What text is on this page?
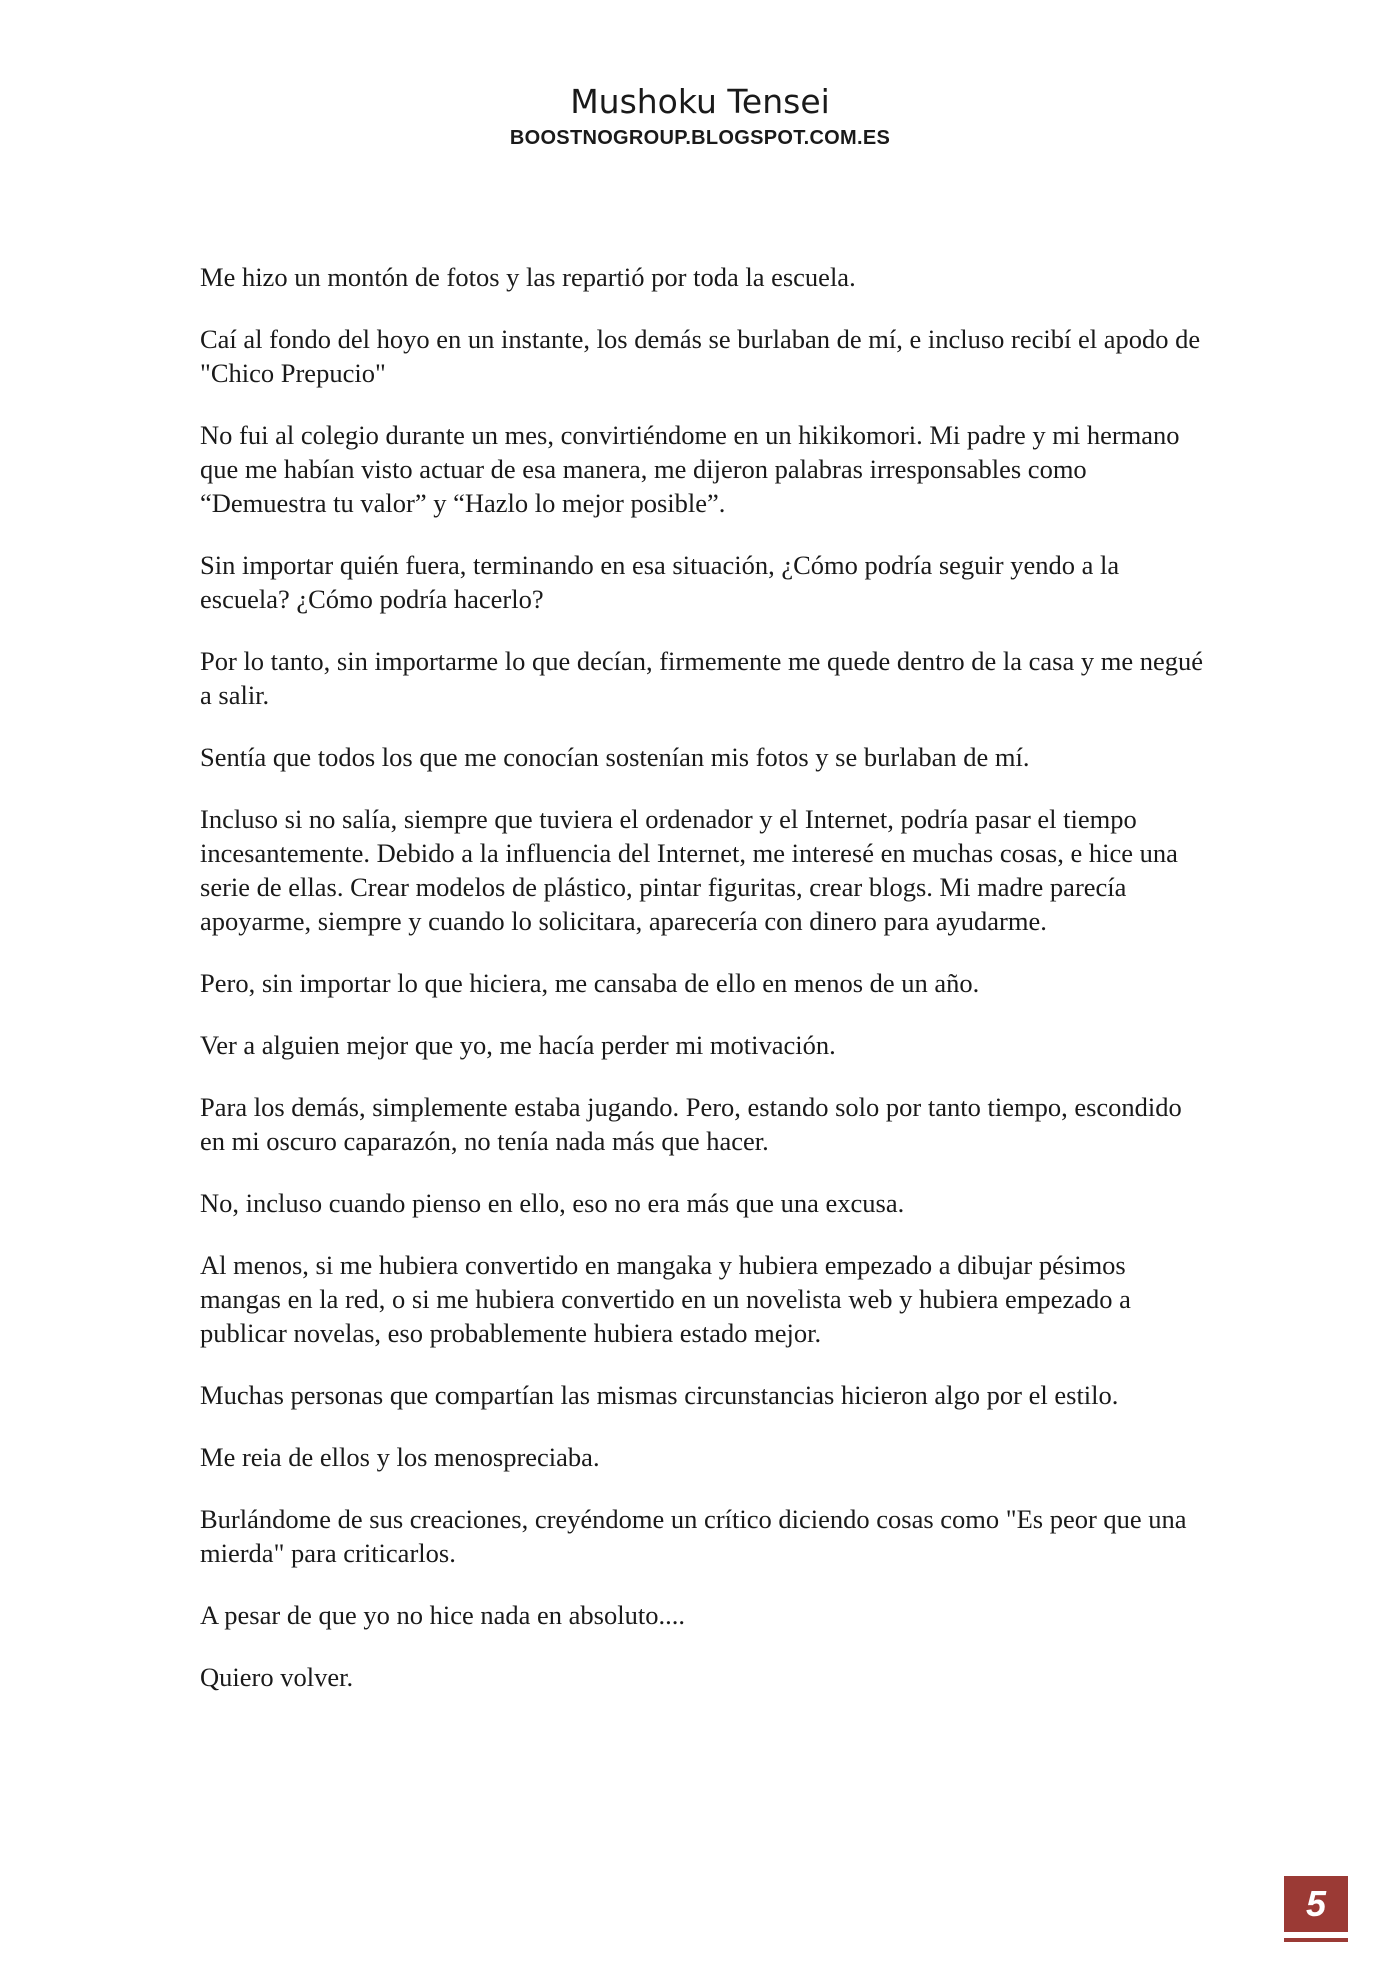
Mushoku Tensei
BOOSTNOGROUP.BLOGSPOT.COM.ES

Me hizo un montón de fotos y las repartió por toda la escuela.

Caí al fondo del hoyo en un instante, los demás se burlaban de mí, e incluso recibí el apodo de "Chico Prepucio"

No fui al colegio durante un mes, convirtiéndome en un hikikomori. Mi padre y mi hermano que me habían visto actuar de esa manera, me dijeron palabras irresponsables como “Demuestra tu valor” y “Hazlo lo mejor posible”.

Sin importar quién fuera, terminando en esa situación, ¿Cómo podría seguir yendo a la escuela? ¿Cómo podría hacerlo?

Por lo tanto, sin importarme lo que decían, firmemente me quede dentro de la casa y me negué a salir.

Sentía que todos los que me conocían sostenían mis fotos y se burlaban de mí.

Incluso si no salía, siempre que tuviera el ordenador y el Internet, podría pasar el tiempo incesantemente. Debido a la influencia del Internet, me interesé en muchas cosas, e hice una serie de ellas. Crear modelos de plástico, pintar figuritas, crear blogs. Mi madre parecía apoyarme, siempre y cuando lo solicitara, aparecería con dinero para ayudarme.

Pero, sin importar lo que hiciera, me cansaba de ello en menos de un año.

Ver a alguien mejor que yo, me hacía perder mi motivación.

Para los demás, simplemente estaba jugando. Pero, estando solo por tanto tiempo, escondido en mi oscuro caparazón, no tenía nada más que hacer.

No, incluso cuando pienso en ello, eso no era más que una excusa.

Al menos, si me hubiera convertido en mangaka y hubiera empezado a dibujar pésimos mangas en la red, o si me hubiera convertido en un novelista web y hubiera empezado a publicar novelas, eso probablemente hubiera estado mejor.

Muchas personas que compartían las mismas circunstancias hicieron algo por el estilo.

Me reia de ellos y los menospreciaba.

Burlándome de sus creaciones, creyéndome un crítico diciendo cosas como "Es peor que una mierda" para criticarlos.

A pesar de que yo no hice nada en absoluto....

Quiero volver.

5
